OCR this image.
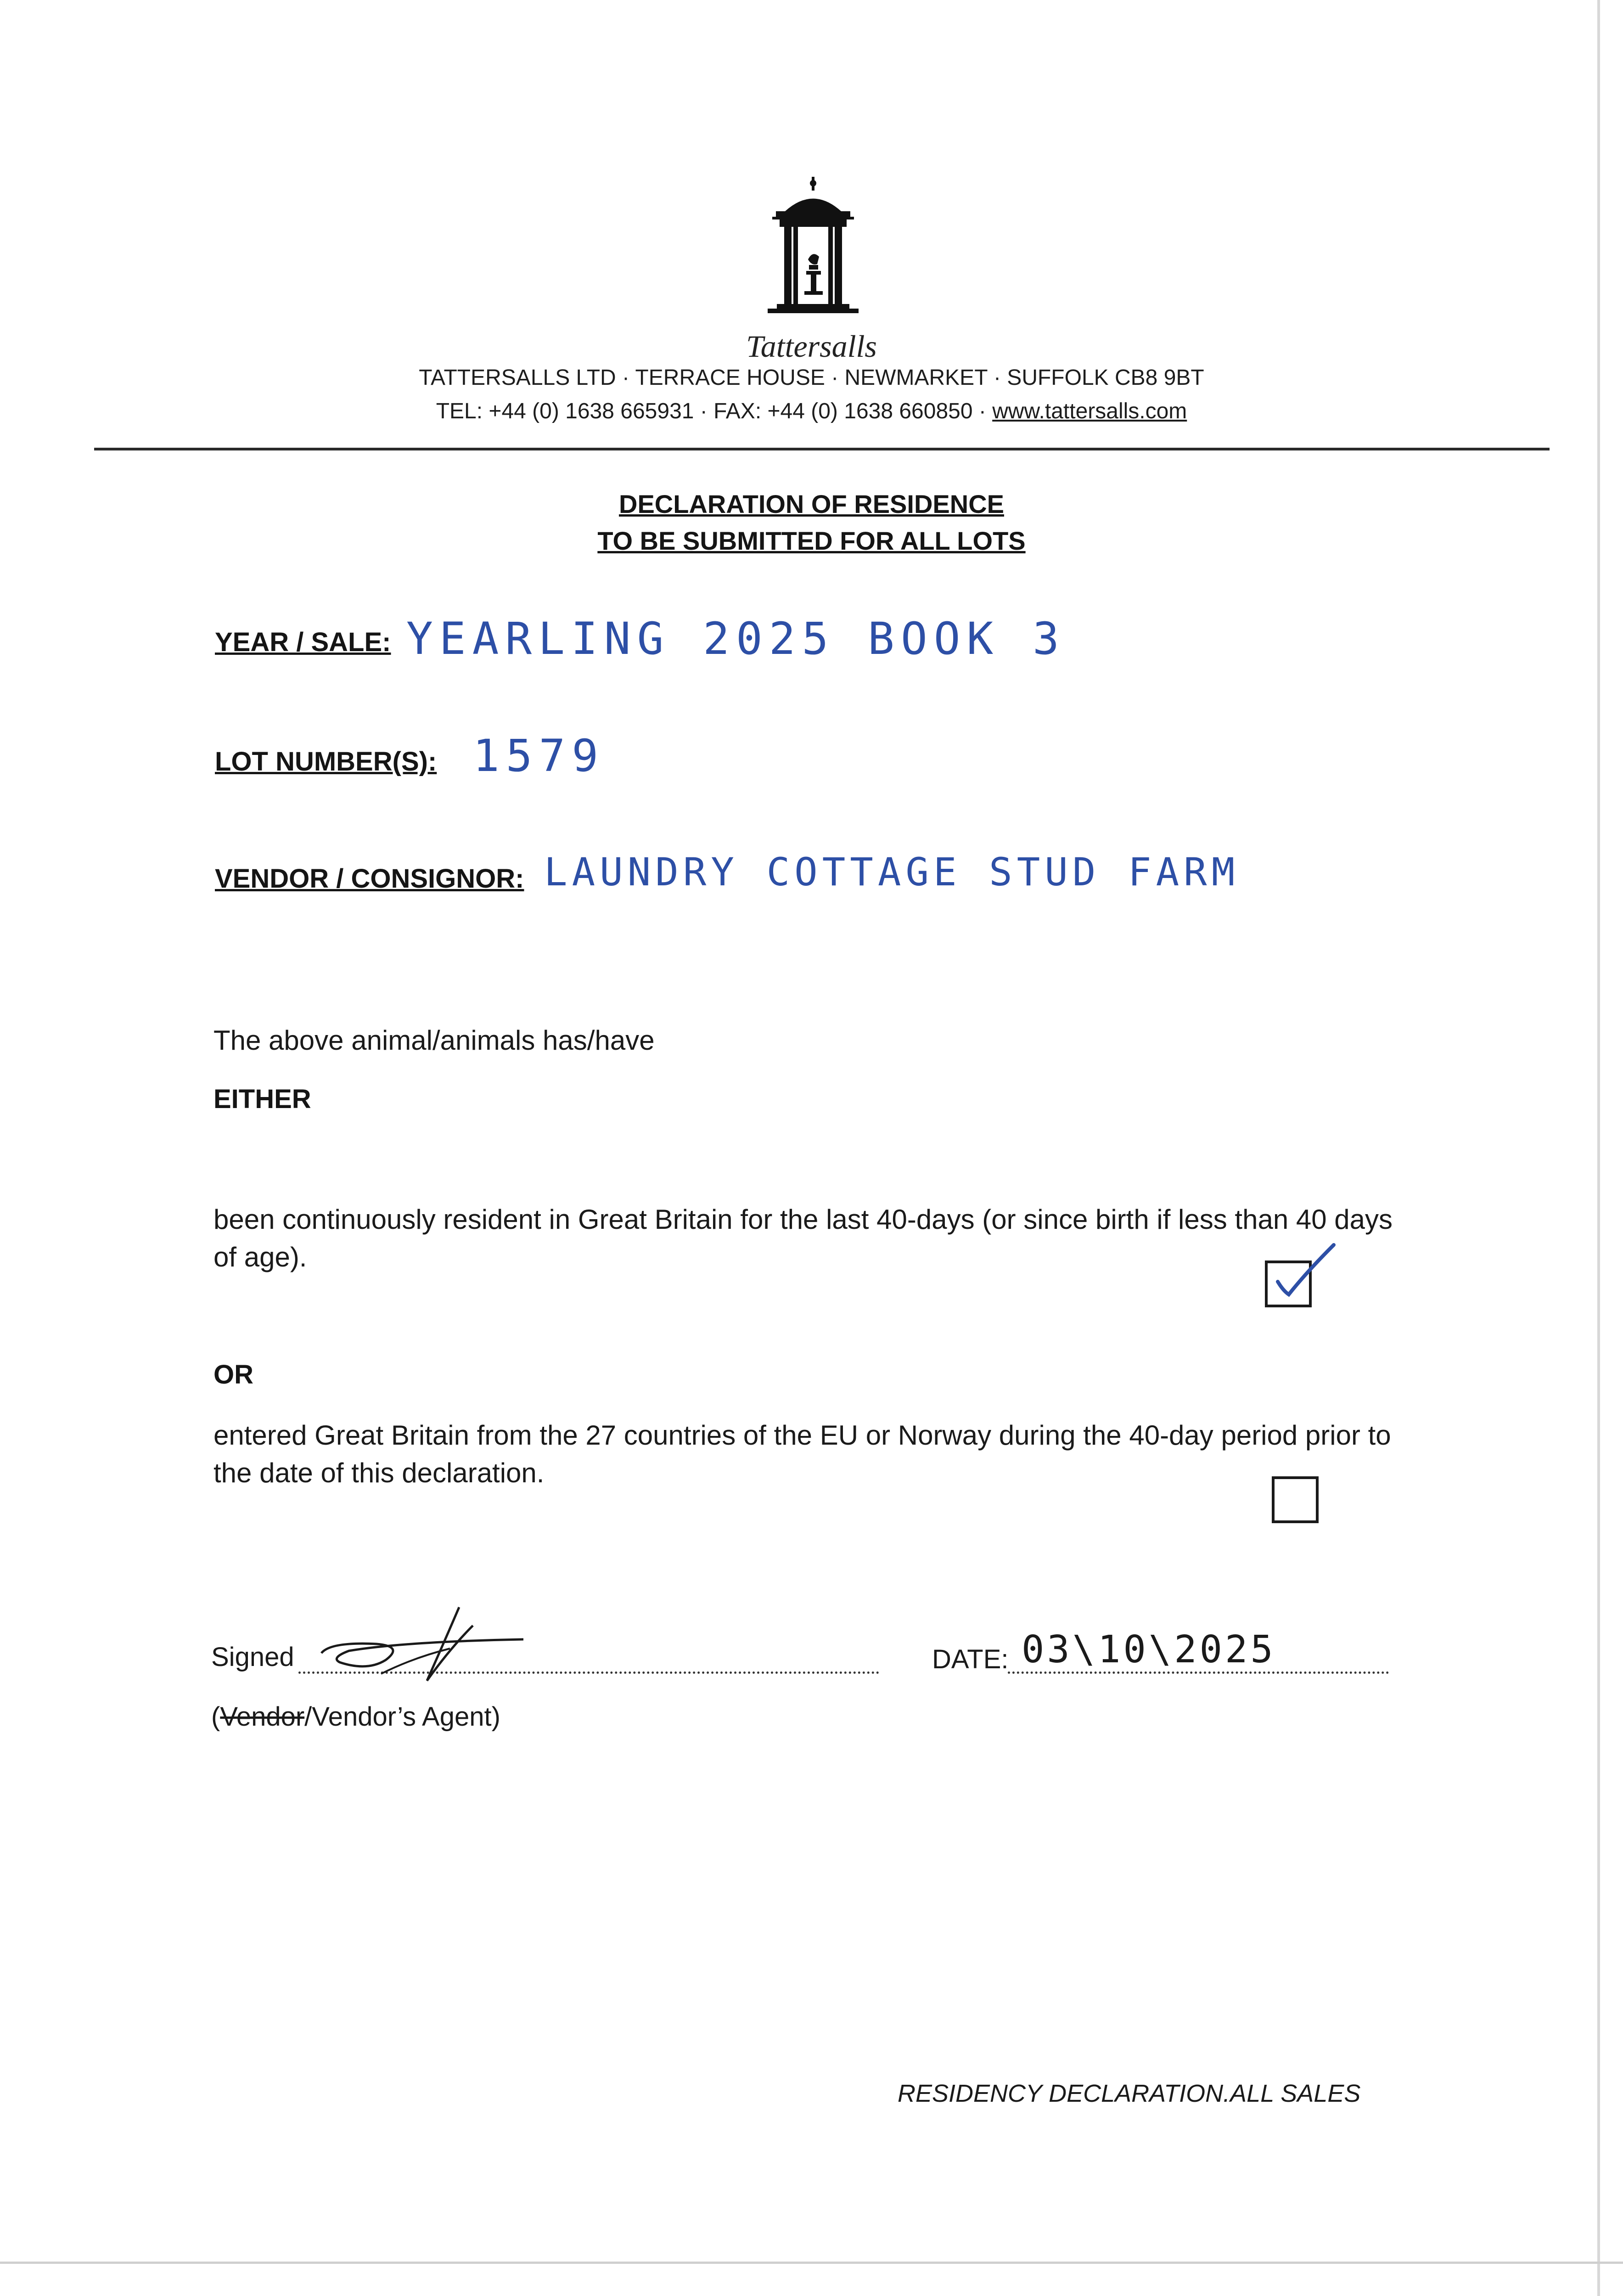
Tattersalls
TATTERSALLS LTD · TERRACE HOUSE · NEWMARKET · SUFFOLK CB8 9BT
TEL: +44 (0) 1638 665931 · FAX: +44 (0) 1638 660850 · www.tattersalls.com
DECLARATION OF RESIDENCE
TO BE SUBMITTED FOR ALL LOTS
YEAR / SALE: YEARLING 2025 BOOK 3
LOT NUMBER(S): 1579
VENDOR / CONSIGNOR: LAUNDRY COTTAGE STUD FARM
The above animal/animals has/have
EITHER
been continuously resident in Great Britain for the last 40-days (or since birth if less than 40 days of age).
OR
entered Great Britain from the 27 countries of the EU or Norway during the 40-day period prior to the date of this declaration.
Signed
(Vendor/Vendor’s Agent)
DATE: 03\10\2025
RESIDENCY DECLARATION.ALL SALES
